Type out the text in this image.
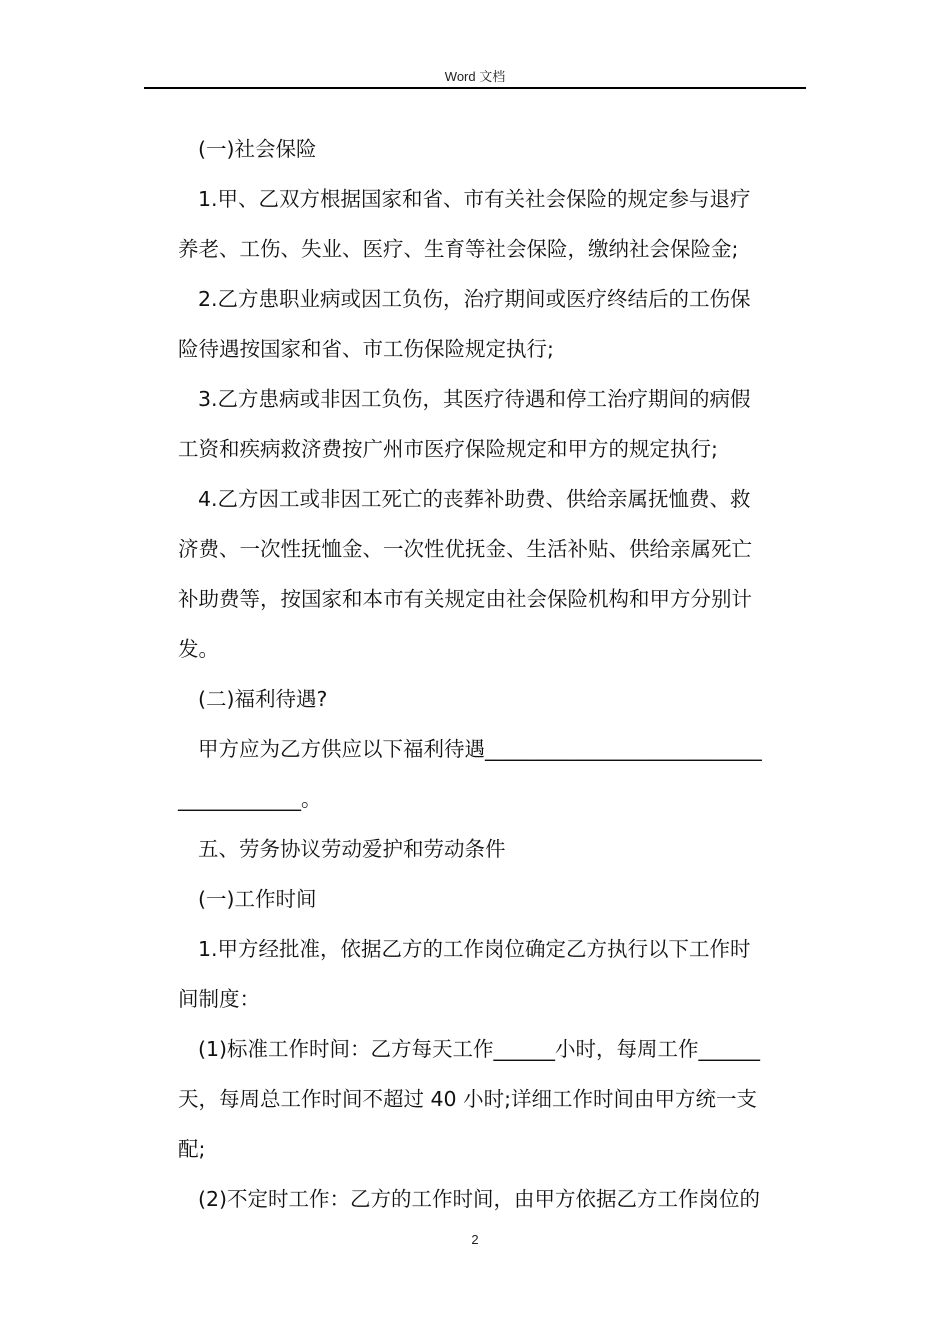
Word 文档
(一)社会保险
1.甲、乙双方根据国家和省、市有关社会保险的规定参与退疗
养老、工伤、失业、医疗、生育等社会保险，缴纳社会保险金;
2.乙方患职业病或因工负伤，治疗期间或医疗终结后的工伤保
险待遇按国家和省、市工伤保险规定执行;
3.乙方患病或非因工负伤，其医疗待遇和停工治疗期间的病假
工资和疾病救济费按广州市医疗保险规定和甲方的规定执行;
4.乙方因工或非因工死亡的丧葬补助费、供给亲属抚恤费、救
济费、一次性抚恤金、一次性优抚金、生活补贴、供给亲属死亡
补助费等，按国家和本市有关规定由社会保险机构和甲方分别计
发。
(二)福利待遇?
甲方应为乙方供应以下福利待遇___________________________
____________。
五、劳务协议劳动爱护和劳动条件
(一)工作时间
1.甲方经批准，依据乙方的工作岗位确定乙方执行以下工作时
间制度：
(1)标准工作时间：乙方每天工作______小时，每周工作______
天，每周总工作时间不超过 40 小时;详细工作时间由甲方统一支
配;
(2)不定时工作：乙方的工作时间，由甲方依据乙方工作岗位的
2
